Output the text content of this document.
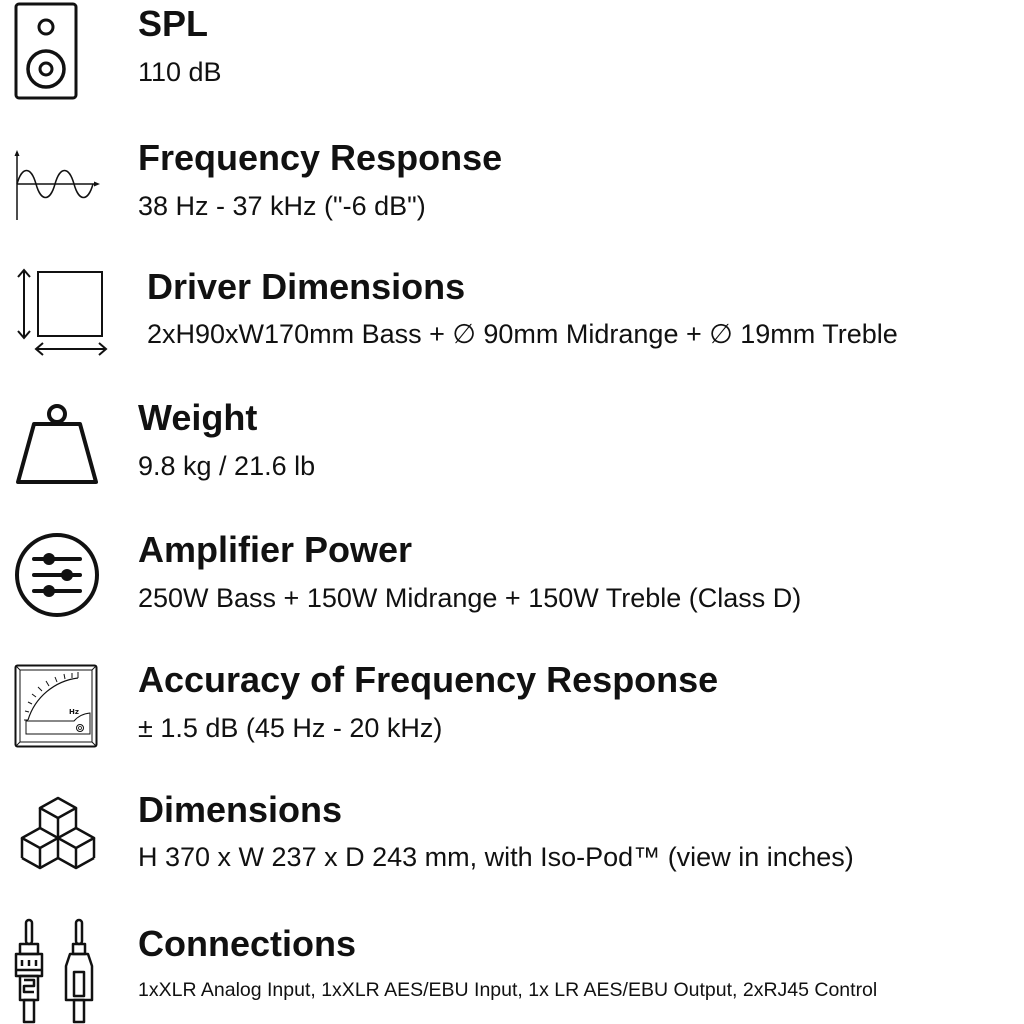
SPL
110 dB
Frequency Response
38 Hz - 37 kHz ("-6 dB")
Driver Dimensions
2xH90xW170mm Bass + ∅ 90mm Midrange + ∅ 19mm Treble
Weight
9.8 kg / 21.6 lb
Amplifier Power
250W Bass + 150W Midrange + 150W Treble (Class D)
Hz
Accuracy of Frequency Response
± 1.5 dB (45 Hz - 20 kHz)
Dimensions
H 370 x W 237 x D 243 mm, with Iso-Pod™ (view in inches)
Connections
1xXLR Analog Input, 1xXLR AES/EBU Input, 1x LR AES/EBU Output, 2xRJ45 Control
